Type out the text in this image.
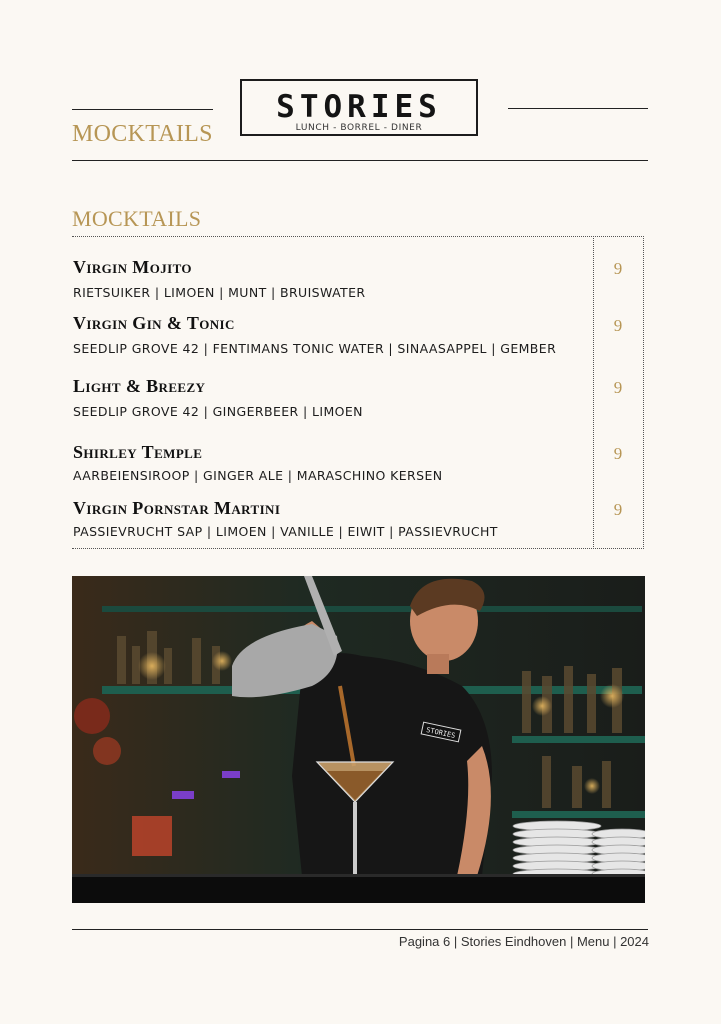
STORIES
LUNCH - BORREL - DINER
MOCKTAILS
MOCKTAILS
Virgin Mojito
RIETSUIKER | LIMOEN | MUNT | BRUISWATER
9
Virgin Gin & Tonic
SEEDLIP GROVE 42 | FENTIMANS TONIC WATER | SINAASAPPEL | GEMBER
9
Light & Breezy
SEEDLIP GROVE 42 | GINGERBEER | LIMOEN
9
Shirley Temple
AARBEIENSIROOP | GINGER ALE | MARASCHINO KERSEN
9
Virgin Pornstar Martini
PASSIEVRUCHT SAP | LIMOEN | VANILLE | EIWIT | PASSIEVRUCHT
9
STORIES
Pagina 6 | Stories Eindhoven | Menu | 2024
